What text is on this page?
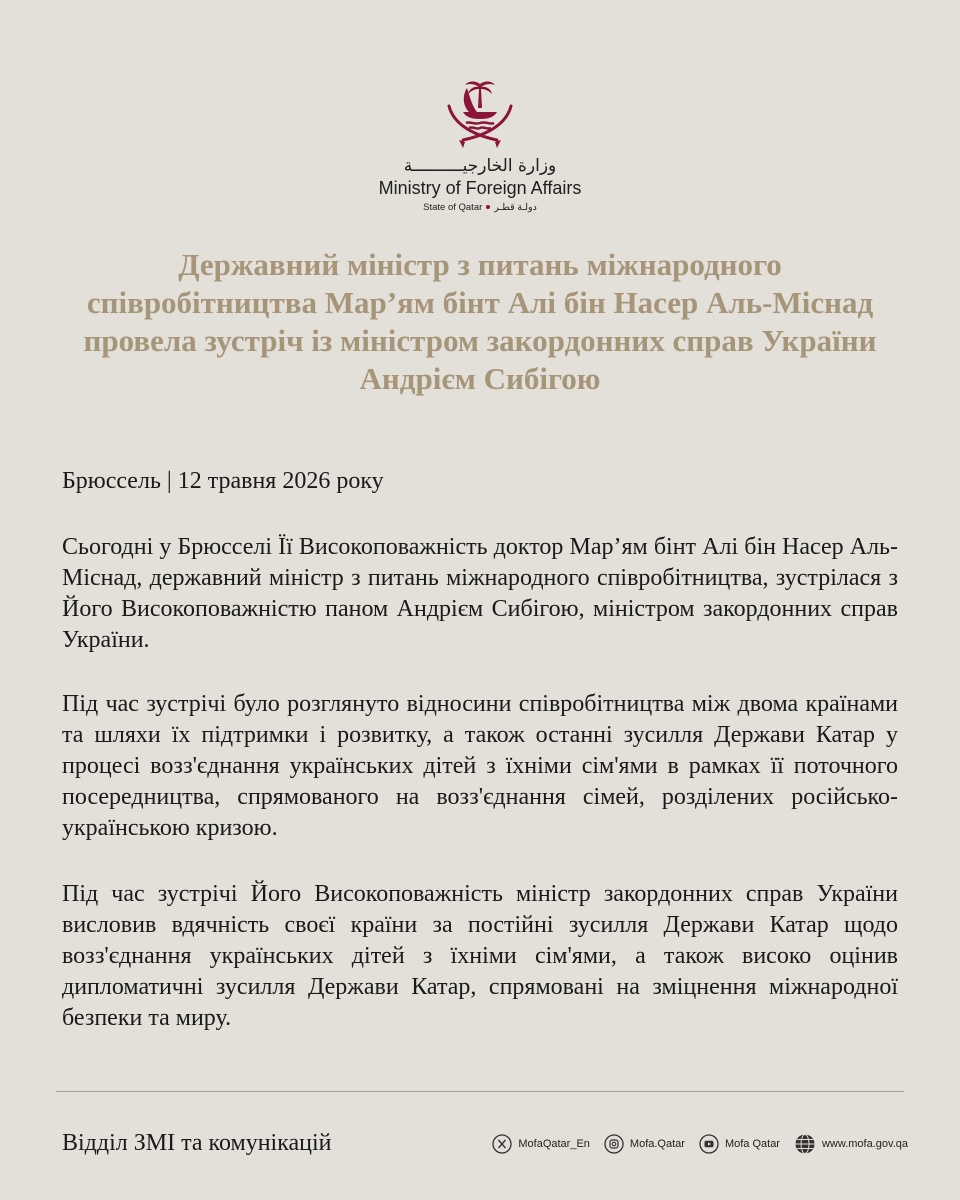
وزارة الخارجيــــــــــة
Ministry of Foreign Affairs
State of Qatar دولـة قطـر
Державний міністр з питань міжнародного співробітництва Мар’ям бінт Алі бін Насер Аль-Міснад провела зустріч із міністром закордонних справ України Андрієм Сибігою

Брюссель | 12 травня 2026 року

Сьогодні у Брюсселі Її Високоповажність доктор Мар’ям бінт Алі бін Насер Аль-Міснад, державний міністр з питань міжнародного співробітництва, зустрілася з Його Високоповажністю паном Андрієм Сибігою, міністром закордонних справ України.

Під час зустрічі було розглянуто відносини співробітництва між двома країнами та шляхи їх підтримки і розвитку, а також останні зусилля Держави Катар у процесі возз'єднання українських дітей з їхніми сім'ями в рамках її поточного посередництва, спрямованого на возз'єднання сімей, розділених російсько-українською кризою.

Під час зустрічі Його Високоповажність міністр закордонних справ України висловив вдячність своєї країни за постійні зусилля Держави Катар щодо возз'єднання українських дітей з їхніми сім'ями, а також високо оцінив дипломатичні зусилля Держави Катар, спрямовані на зміцнення міжнародної безпеки та миру.

Відділ ЗМІ та комунікацій	MofaQatar_En	Mofa.Qatar	Mofa Qatar	www.mofa.gov.qa
